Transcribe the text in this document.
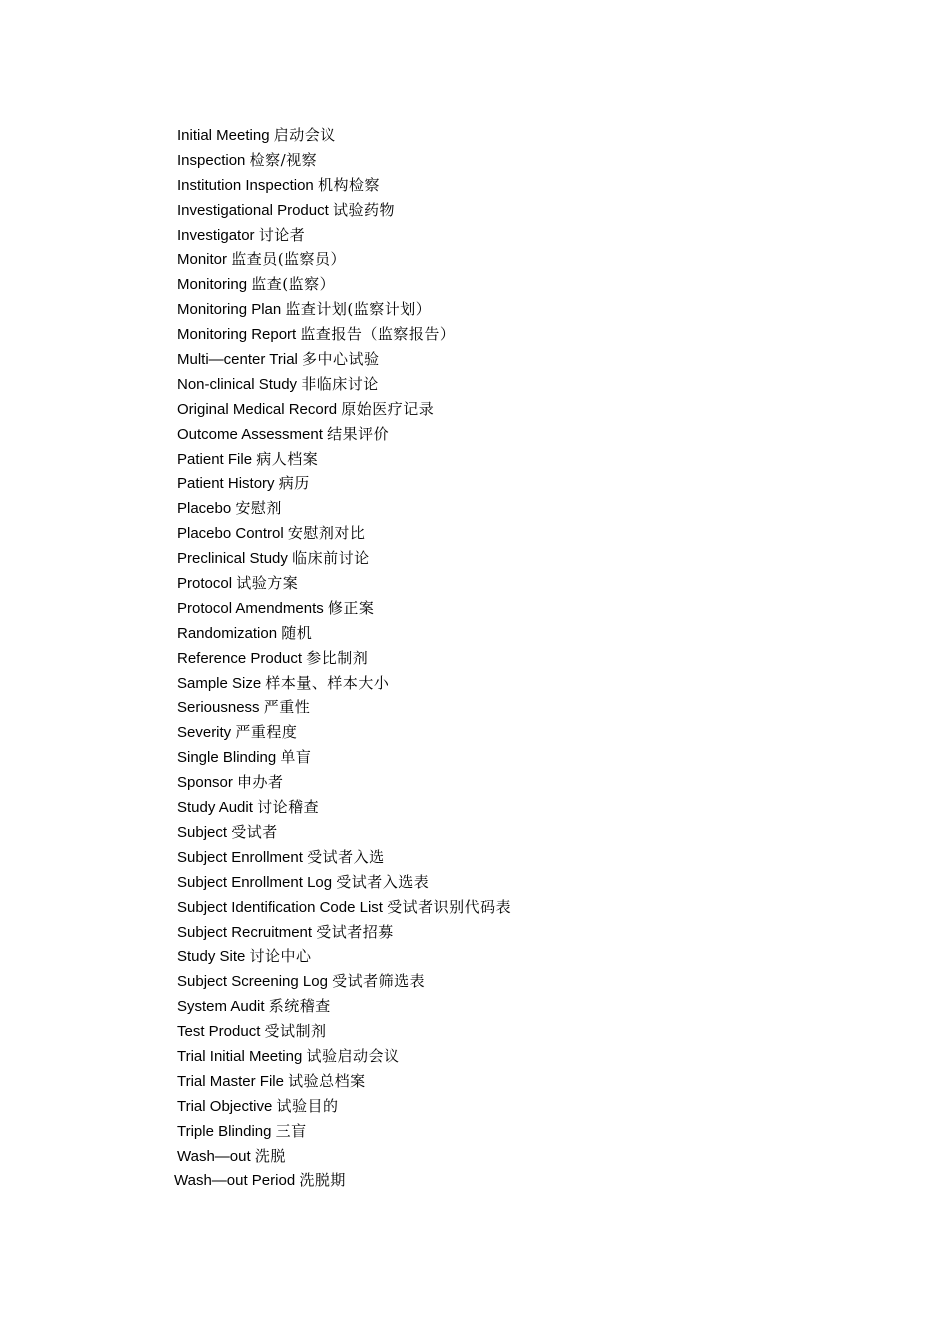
Initial Meeting 启动会议
Inspection 检察/视察
Institution Inspection 机构检察
Investigational Product 试验药物
Investigator 讨论者
Monitor 监查员(监察员）
Monitoring 监查(监察）
Monitoring Plan 监查计划(监察计划）
Monitoring Report 监查报告（监察报告）
Multi—center Trial 多中心试验
Non-clinical Study 非临床讨论
Original Medical Record 原始医疗记录
Outcome Assessment 结果评价
Patient File 病人档案
Patient History 病历
Placebo 安慰剂
Placebo Control 安慰剂对比
Preclinical Study 临床前讨论
Protocol 试验方案
Protocol Amendments 修正案
Randomization 随机
Reference Product 参比制剂
Sample Size 样本量、样本大小
Seriousness 严重性
Severity 严重程度
Single Blinding 单盲
Sponsor 申办者
Study Audit 讨论稽查
Subject 受试者
Subject Enrollment 受试者入选
Subject Enrollment Log 受试者入选表
Subject Identification Code List 受试者识别代码表
Subject Recruitment 受试者招募
Study Site 讨论中心
Subject Screening Log 受试者筛选表
System Audit 系统稽查
Test Product 受试制剂
Trial Initial Meeting 试验启动会议
Trial Master File 试验总档案
Trial Objective 试验目的
Triple Blinding 三盲
Wash—out 洗脱
Wash—out Period 洗脱期
